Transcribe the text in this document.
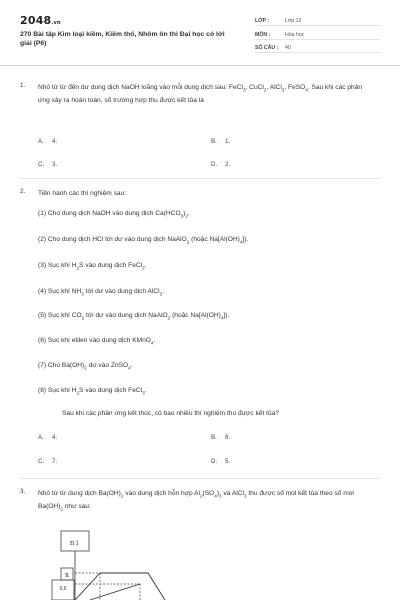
2048.vn
270 Bài tập Kim loại kiềm, Kiềm thổ, Nhôm ôn thi Đại học có lời giải (P6)
LỚP :	Lớp 12
MÔN :	Hóa học
SỐ CÂU : 40
1. Nhỏ từ từ đến dư dung dịch NaOH loãng vào mỗi dung dịch sau: FeCl$_3$, CuCl$_2$, AlCl$_3$, FeSO$_4$. Sau khi các phản ứng xảy ra hoàn toàn, số trường hợp thu được kết tủa là
A. 4.	B. 1.
C. 3.	D. 2.
2. Tiến hành các thí nghiệm sau:
(1) Cho dung dịch NaOH vào dung dịch $Ca(HCO_3)_2$.
(2) Cho dung dịch HCl tới dư vào dung dịch NaAlO$_2$ (hoặc $Na[Al(OH)_4]$).
(3) Sục khí $H_2S$ vào dung dịch FeCl$_2$.
(4) Sục khí $NH_3$ tới dư vào dung dịch AlCl$_3$.
(5) Sục khí $CO_2$ tới dư vào dung dịch NaAlO$_2$ (hoặc $Na[Al(OH)_4]$).
(6) Sục khí etilen vào dung dịch KMnO$_4$.
(7) Cho $Ba(OH)_2$ dư vào ZnSO$_4$.
(8) Sục khí $H_2S$ vào dung dịch FeCl$_3$.
Sau khi các phản ứng kết thúc, có bao nhiêu thí nghiệm thu được kết tủa?
A. 4.	B. 6.
C. 7.	D. 5.
3. Nhỏ từ từ dung dịch $Ba(OH)_2$ vào dung dịch hỗn hợp $Al_2(SO_4)_3$ và AlCl$_3$ thu được số mol kết tủa theo số mol $Ba(OH)_2$ như sau:
n↓
x
0,6
